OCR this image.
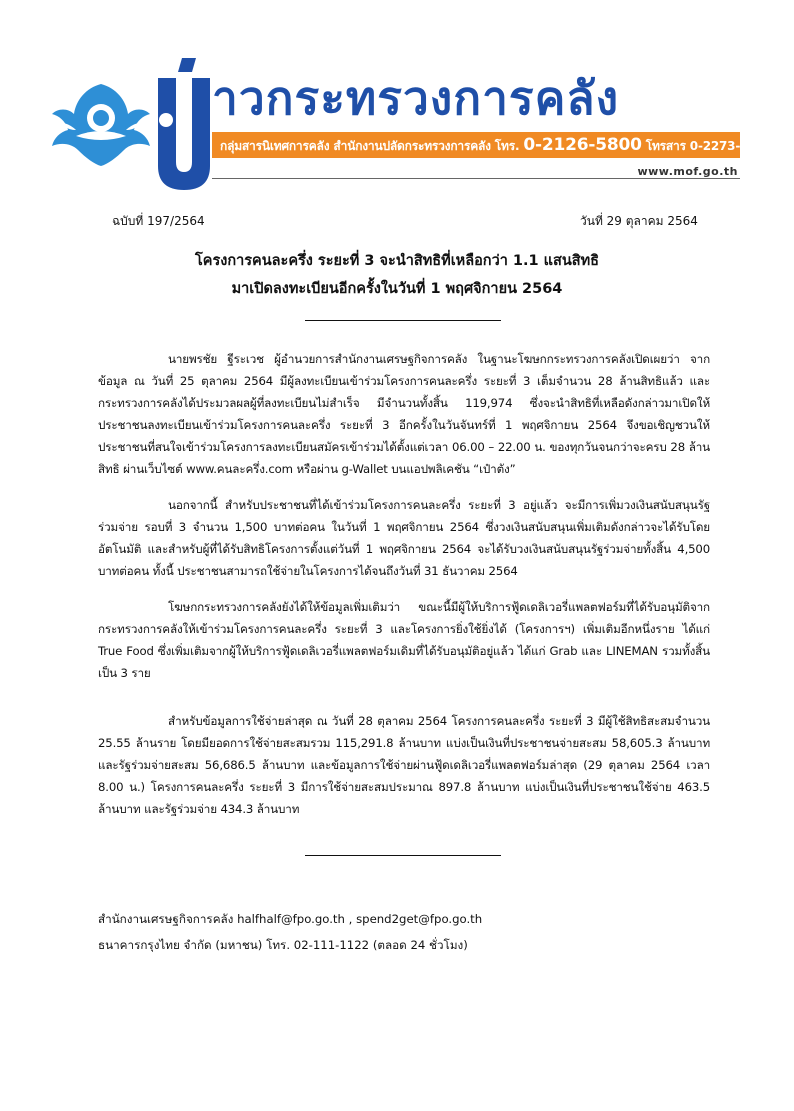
าวกระทรวงการคลัง
กลุ่มสารนิเทศการคลัง สำนักงานปลัดกระทรวงการคลัง โทร. 0-2126-5800 โทรสาร 0-2273-9763
www.mof.go.th
ฉบับที่ 197/2564	วันที่ 29 ตุลาคม 2564
โครงการคนละครึ่ง ระยะที่ 3 จะนำสิทธิที่เหลือกว่า 1.1 แสนสิทธิ
มาเปิดลงทะเบียนอีกครั้งในวันที่ 1 พฤศจิกายน 2564

นายพรชัย ฐีระเวช ผู้อำนวยการสำนักงานเศรษฐกิจการคลัง ในฐานะโฆษกกระทรวงการคลังเปิดเผยว่า จากข้อมูล ณ วันที่ 25 ตุลาคม 2564 มีผู้ลงทะเบียนเข้าร่วมโครงการคนละครึ่ง ระยะที่ 3 เต็มจำนวน 28 ล้านสิทธิแล้ว และกระทรวงการคลังได้ประมวลผลผู้ที่ลงทะเบียนไม่สำเร็จ มีจำนวนทั้งสิ้น 119,974 ซึ่งจะนำสิทธิที่เหลือดังกล่าวมาเปิดให้ประชาชนลงทะเบียนเข้าร่วมโครงการคนละครึ่ง ระยะที่ 3 อีกครั้งในวันจันทร์ที่ 1 พฤศจิกายน 2564 จึงขอเชิญชวนให้ประชาชนที่สนใจเข้าร่วมโครงการลงทะเบียนสมัครเข้าร่วมได้ตั้งแต่เวลา 06.00 – 22.00 น. ของทุกวันจนกว่าจะครบ 28 ล้านสิทธิ ผ่านเว็บไซต์ www.คนละครึ่ง.com หรือผ่าน g-Wallet บนแอปพลิเคชัน “เป๋าตัง”

นอกจากนี้ สำหรับประชาชนที่ได้เข้าร่วมโครงการคนละครึ่ง ระยะที่ 3 อยู่แล้ว จะมีการเพิ่มวงเงินสนับสนุนรัฐร่วมจ่าย รอบที่ 3 จำนวน 1,500 บาทต่อคน ในวันที่ 1 พฤศจิกายน 2564 ซึ่งวงเงินสนับสนุนเพิ่มเติมดังกล่าวจะได้รับโดยอัตโนมัติ และสำหรับผู้ที่ได้รับสิทธิโครงการตั้งแต่วันที่ 1 พฤศจิกายน 2564 จะได้รับวงเงินสนับสนุนรัฐร่วมจ่ายทั้งสิ้น 4,500 บาทต่อคน ทั้งนี้ ประชาชนสามารถใช้จ่ายในโครงการได้จนถึงวันที่ 31 ธันวาคม 2564

โฆษกกระทรวงการคลังยังได้ให้ข้อมูลเพิ่มเติมว่า ขณะนี้มีผู้ให้บริการฟู้ดเดลิเวอรี่แพลตฟอร์มที่ได้รับอนุมัติจากกระทรวงการคลังให้เข้าร่วมโครงการคนละครึ่ง ระยะที่ 3 และโครงการยิ่งใช้ยิ่งได้ (โครงการฯ) เพิ่มเติมอีกหนึ่งราย ได้แก่ True Food ซึ่งเพิ่มเติมจากผู้ให้บริการฟู้ดเดลิเวอรี่แพลตฟอร์มเดิมที่ได้รับอนุมัติอยู่แล้ว ได้แก่ Grab และ LINEMAN รวมทั้งสิ้นเป็น 3 ราย

สำหรับข้อมูลการใช้จ่ายล่าสุด ณ วันที่ 28 ตุลาคม 2564 โครงการคนละครึ่ง ระยะที่ 3 มีผู้ใช้สิทธิสะสมจำนวน 25.55 ล้านราย โดยมียอดการใช้จ่ายสะสมรวม 115,291.8 ล้านบาท แบ่งเป็นเงินที่ประชาชนจ่ายสะสม 58,605.3 ล้านบาท และรัฐร่วมจ่ายสะสม 56,686.5 ล้านบาท และข้อมูลการใช้จ่ายผ่านฟู้ดเดลิเวอรี่แพลตฟอร์มล่าสุด (29 ตุลาคม 2564 เวลา 8.00 น.) โครงการคนละครึ่ง ระยะที่ 3 มีการใช้จ่ายสะสมประมาณ 897.8 ล้านบาท แบ่งเป็นเงินที่ประชาชนใช้จ่าย 463.5 ล้านบาท และรัฐร่วมจ่าย 434.3 ล้านบาท

สำนักงานเศรษฐกิจการคลัง halfhalf@fpo.go.th , spend2get@fpo.go.th
ธนาคารกรุงไทย จำกัด (มหาชน) โทร. 02-111-1122 (ตลอด 24 ชั่วโมง)
